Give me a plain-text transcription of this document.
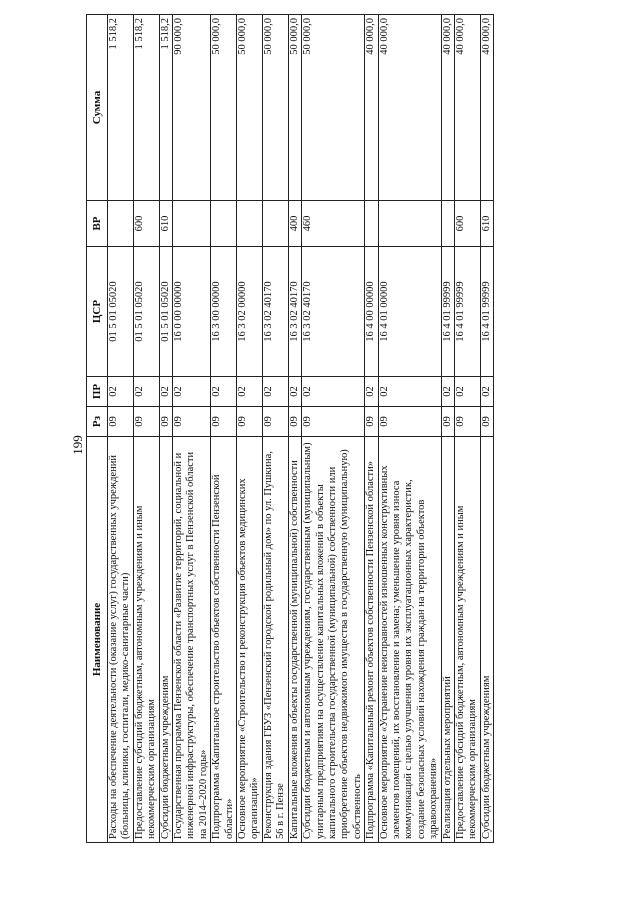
199
Наименование	Рз	ПР	ЦСР	ВР	Сумма
Расходы на обеспечение деятельности (оказание услуг) государственных учреждений (больницы, клиники, госпитали, медико-санитарные части)	09	02	01 5 01 05020		1 518,2
Предоставление субсидий бюджетным, автономным учреждениям и иным некоммерческим организациям	09	02	01 5 01 05020	600	1 518,2
Субсидии бюджетным учреждениям	09	02	01 5 01 05020	610	1 518,2
Государственная программа Пензенской области «Развитие территорий, социальной и инженерной инфраструктуры, обеспечение транспортных услуг в Пензенской области на 2014–2020 годы»	09	02	16 0 00 00000		90 000,0
Подпрограмма «Капитальное строительство объектов собственности Пензенской области»	09	02	16 3 00 00000		50 000,0
Основное мероприятие «Строительство и реконструкция объектов медицинских организаций»	09	02	16 3 02 00000		50 000,0
Реконструкция здания ГБУЗ «Пензенский городской родильный дом» по ул. Пушкина, 56 в г. Пензе	09	02	16 3 02 40170		50 000,0
Капитальные вложения в объекты государственной (муниципальной) собственности	09	02	16 3 02 40170	400	50 000,0
Субсидии бюджетным и автономным учреждениям, государственным (муниципальным) унитарным предприятиям на осуществление капитальных вложений в объекты капитального строительства государственной (муниципальной) собственности или приобретение объектов недвижимого имущества в государственную (муниципальную) собственность	09	02	16 3 02 40170	460	50 000,0
Подпрограмма «Капитальный ремонт объектов собственности Пензенской области»	09	02	16 4 00 00000		40 000,0
Основное мероприятие «Устранение неисправностей изношенных конструктивных элементов помещений, их восстановление и замена; уменьшение уровня износа коммуникаций с целью улучшения уровня их эксплуатационных характеристик, создание безопасных условий нахождения граждан на территории объектов здравоохранения»	09	02	16 4 01 00000		40 000,0
Реализация отдельных мероприятий	09	02	16 4 01 99999		40 000,0
Предоставление субсидий бюджетным, автономным учреждениям и иным некоммерческим организациям	09	02	16 4 01 99999	600	40 000,0
Субсидии бюджетным учреждениям	09	02	16 4 01 99999	610	40 000,0
